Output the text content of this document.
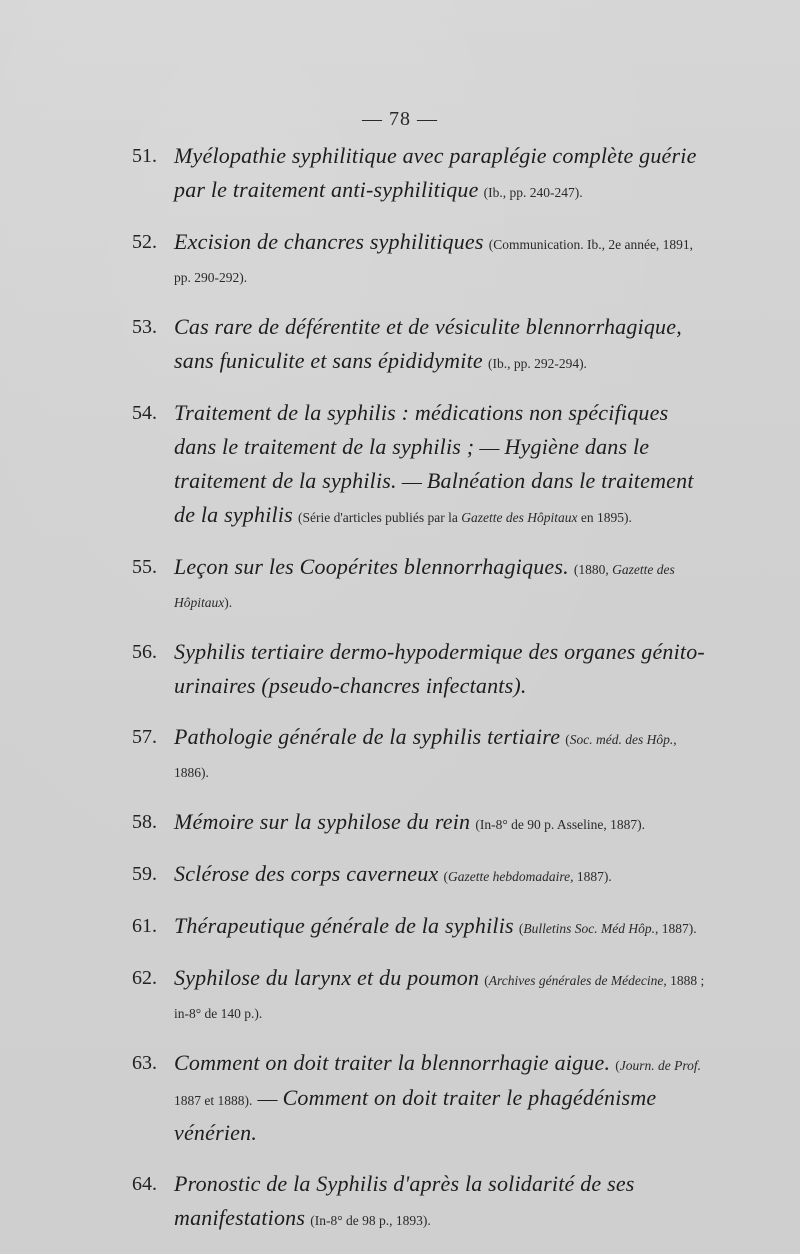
— 78 —
51. Myélopathie syphilitique avec paraplégie complète guérie par le traitement anti-syphilitique (Ib., pp. 240-247).
52. Excision de chancres syphilitiques (Communication. Ib., 2e année, 1891, pp. 290-292).
53. Cas rare de déférentite et de vésiculite blennorrhagique, sans funiculite et sans épididymite (Ib., pp. 292-294).
54. Traitement de la syphilis : médications non spécifiques dans le traitement de la syphilis ; — Hygiène dans le traitement de la syphilis. — Balnéation dans le traitement de la syphilis (Série d'articles publiés par la Gazette des Hôpitaux en 1895).
55. Leçon sur les Coopérites blennorrhagiques. (1880, Gazette des Hôpitaux).
56. Syphilis tertiaire dermo-hypodermique des organes génito-urinaires (pseudo-chancres infectants).
57. Pathologie générale de la syphilis tertiaire (Soc. méd. des Hôp., 1886).
58. Mémoire sur la syphilose du rein (In-8° de 90 p. Asseline, 1887).
59. Sclérose des corps caverneux (Gazette hebdomadaire, 1887).
61. Thérapeutique générale de la syphilis (Bulletins Soc. Méd Hôp., 1887).
62. Syphilose du larynx et du poumon (Archives générales de Médecine, 1888 ; in-8° de 140 p.).
63. Comment on doit traiter la blennorrhagie aigue. (Journ. de Prof. 1887 et 1888). — Comment on doit traiter le phagédénisme vénérien.
64. Pronostic de la Syphilis d'après la solidarité de ses manifestations (In-8° de 98 p., 1893).
